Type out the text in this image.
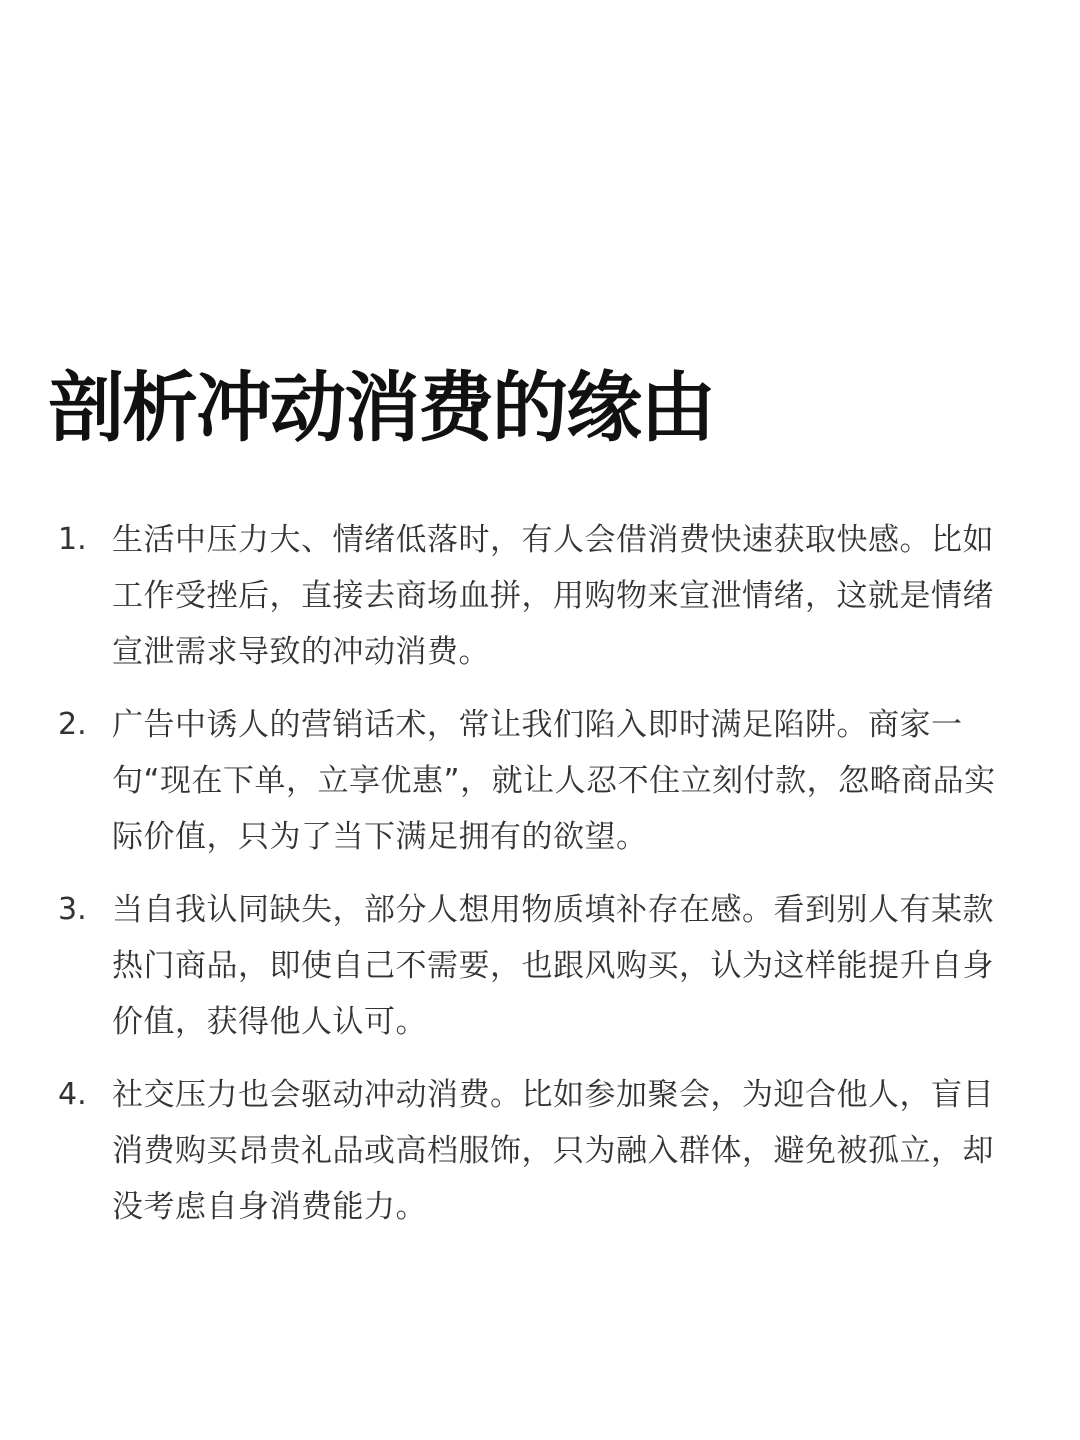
剖析冲动消费的缘由
1. 生活中压力大、情绪低落时，有人会借消费快速获取快感。比如工作受挫后，直接去商场血拼，用购物来宣泄情绪，这就是情绪宣泄需求导致的冲动消费。
2. 广告中诱人的营销话术，常让我们陷入即时满足陷阱。商家一句“现在下单，立享优惠”，就让人忍不住立刻付款，忽略商品实际价值，只为了当下满足拥有的欲望。
3. 当自我认同缺失，部分人想用物质填补存在感。看到别人有某款热门商品，即使自己不需要，也跟风购买，认为这样能提升自身价值，获得他人认可。
4. 社交压力也会驱动冲动消费。比如参加聚会，为迎合他人，盲目消费购买昂贵礼品或高档服饰，只为融入群体，避免被孤立，却没考虑自身消费能力。
